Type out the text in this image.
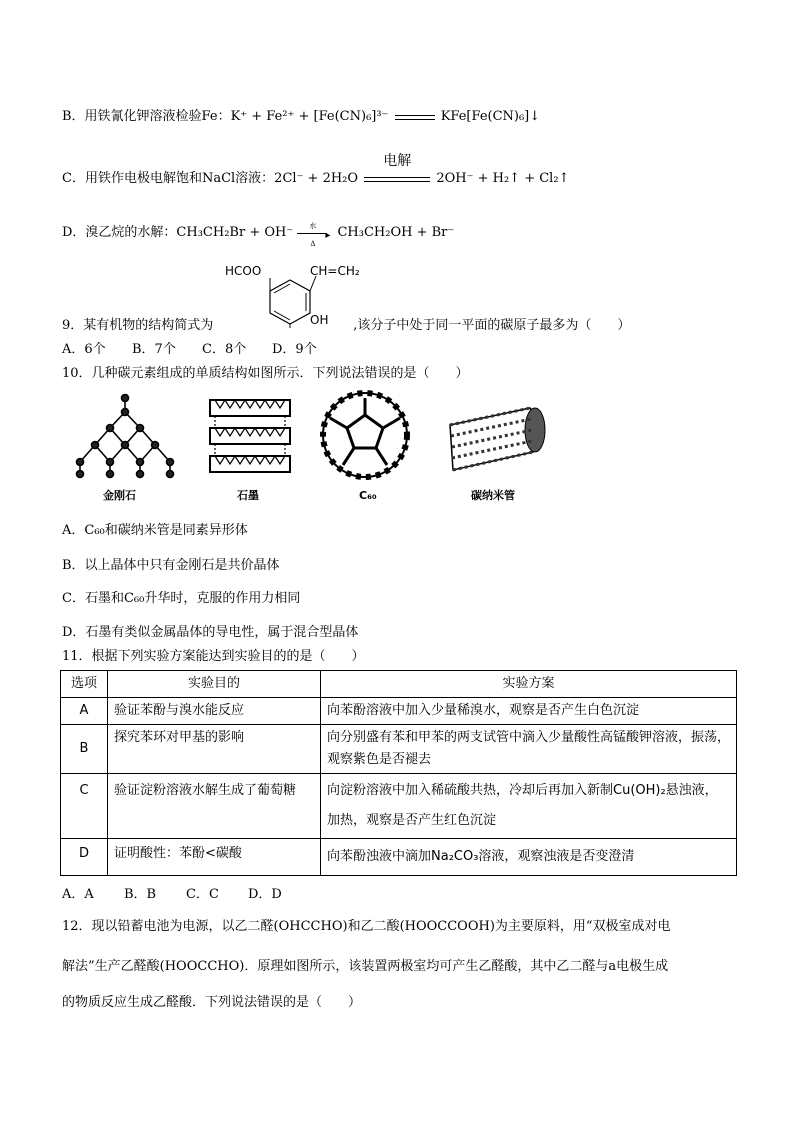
B．用铁氰化钾溶液检验Fe：K⁺ + Fe²⁺ + [Fe(CN)₆]³⁻	KFe[Fe(CN)₆]↓
C．用铁作电极电解饱和NaCl溶液：2Cl⁻ + 2H₂O
电解
2OH⁻ + H₂↑ + Cl₂↑
D．溴乙烷的水解：CH₃CH₂Br + OH⁻ 水
▸
Δ
CH₃CH₂OH + Br⁻
HCOO	CH=CH₂
OH
9．某有机物的结构简式为	,该分子中处于同一平面的碳原子最多为（　　）
A．6个 B．7个 C．8个 D．9个
10．几种碳元素组成的单质结构如图所示．下列说法错误的是（　　）
金刚石	石墨	C₆₀	碳纳米管
A．C₆₀和碳纳米管是同素异形体
B．以上晶体中只有金刚石是共价晶体
C．石墨和C₆₀升华时，克服的作用力相同
D．石墨有类似金属晶体的导电性，属于混合型晶体
11．根据下列实验方案能达到实验目的的是（　　）
选项	实验目的	实验方案
A	验证苯酚与溴水能反应	向苯酚溶液中加入少量稀溴水，观察是否产生白色沉淀
B	探究苯环对甲基的影响	向分别盛有苯和甲苯的两支试管中滴入少量酸性高锰酸钾溶液，振荡，观察紫色是否褪去
C	验证淀粉溶液水解生成了葡萄糖	向淀粉溶液中加入稀硫酸共热，冷却后再加入新制Cu(OH)₂悬浊液，加热，观察是否产生红色沉淀
D	证明酸性：苯酚<碳酸	向苯酚浊液中滴加Na₂CO₃溶液，观察浊液是否变澄清
A．A B．B C．C D．D
12．现以铅蓄电池为电源，以乙二醛(OHCCHO)和乙二酸(HOOCCOOH)为主要原料，用“双极室成对电
解法”生产乙醛酸(HOOCCHO)．原理如图所示，该装置两极室均可产生乙醛酸，其中乙二醛与a电极生成
的物质反应生成乙醛酸．下列说法错误的是（　　）
